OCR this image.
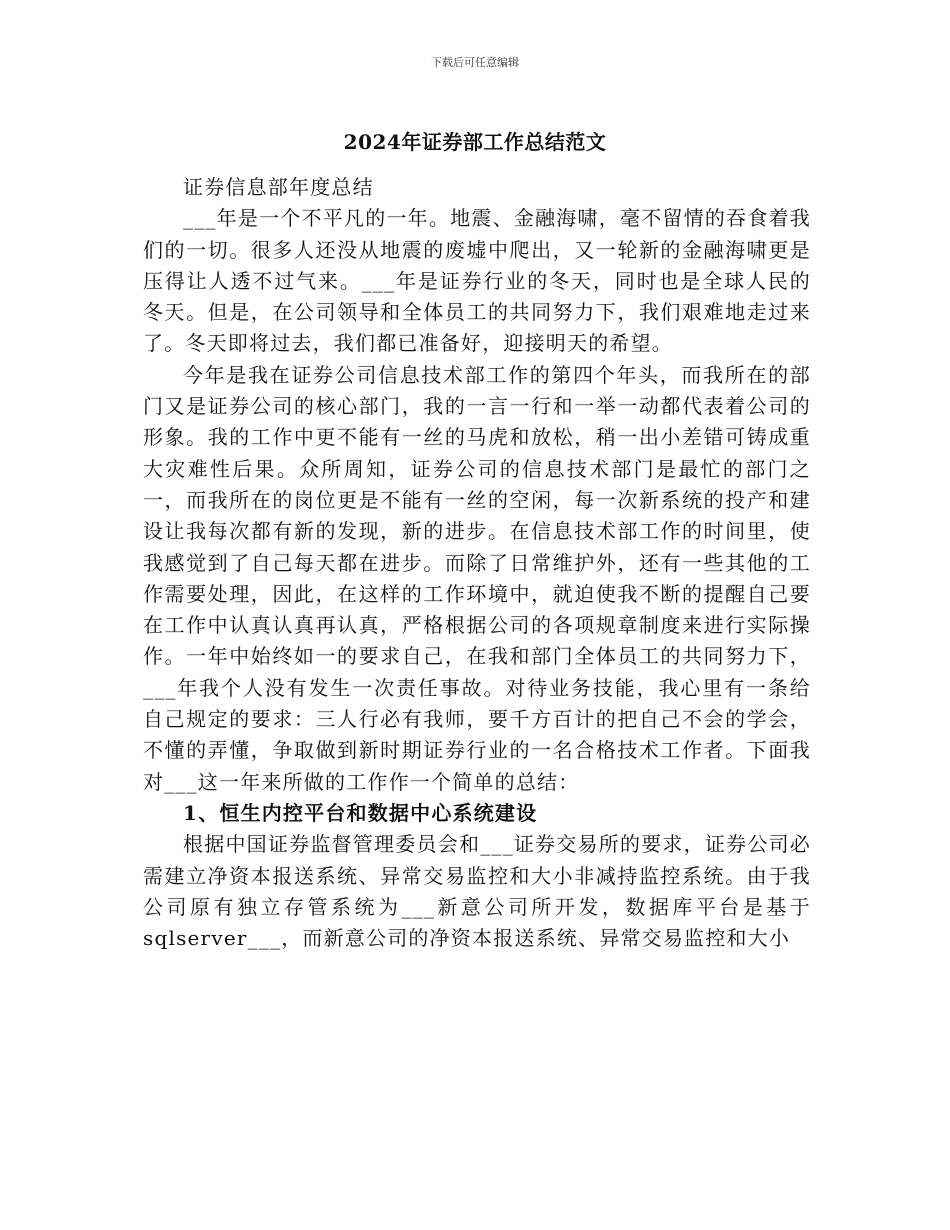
下载后可任意编辑
2024年证券部工作总结范文

证券信息部年度总结

___年是一个不平凡的一年。地震、金融海啸，毫不留情的吞食着我们的一切。很多人还没从地震的废墟中爬出，又一轮新的金融海啸更是压得让人透不过气来。___年是证券行业的冬天，同时也是全球人民的冬天。但是，在公司领导和全体员工的共同努力下，我们艰难地走过来了。冬天即将过去，我们都已准备好，迎接明天的希望。

今年是我在证券公司信息技术部工作的第四个年头，而我所在的部门又是证券公司的核心部门，我的一言一行和一举一动都代表着公司的形象。我的工作中更不能有一丝的马虎和放松，稍一出小差错可铸成重大灾难性后果。众所周知，证券公司的信息技术部门是最忙的部门之一，而我所在的岗位更是不能有一丝的空闲，每一次新系统的投产和建设让我每次都有新的发现，新的进步。在信息技术部工作的时间里，使我感觉到了自己每天都在进步。而除了日常维护外，还有一些其他的工作需要处理，因此，在这样的工作环境中，就迫使我不断的提醒自己要在工作中认真认真再认真，严格根据公司的各项规章制度来进行实际操作。一年中始终如一的要求自己，在我和部门全体员工的共同努力下，___年我个人没有发生一次责任事故。对待业务技能，我心里有一条给自己规定的要求：三人行必有我师，要千方百计的把自己不会的学会，不懂的弄懂，争取做到新时期证券行业的一名合格技术工作者。下面我对___这一年来所做的工作作一个简单的总结：

1、恒生内控平台和数据中心系统建设

根据中国证券监督管理委员会和___证券交易所的要求，证券公司必需建立净资本报送系统、异常交易监控和大小非减持监控系统。由于我公司原有独立存管系统为___新意公司所开发，数据库平台是基于sqlserver___，而新意公司的净资本报送系统、异常交易监控和大小
